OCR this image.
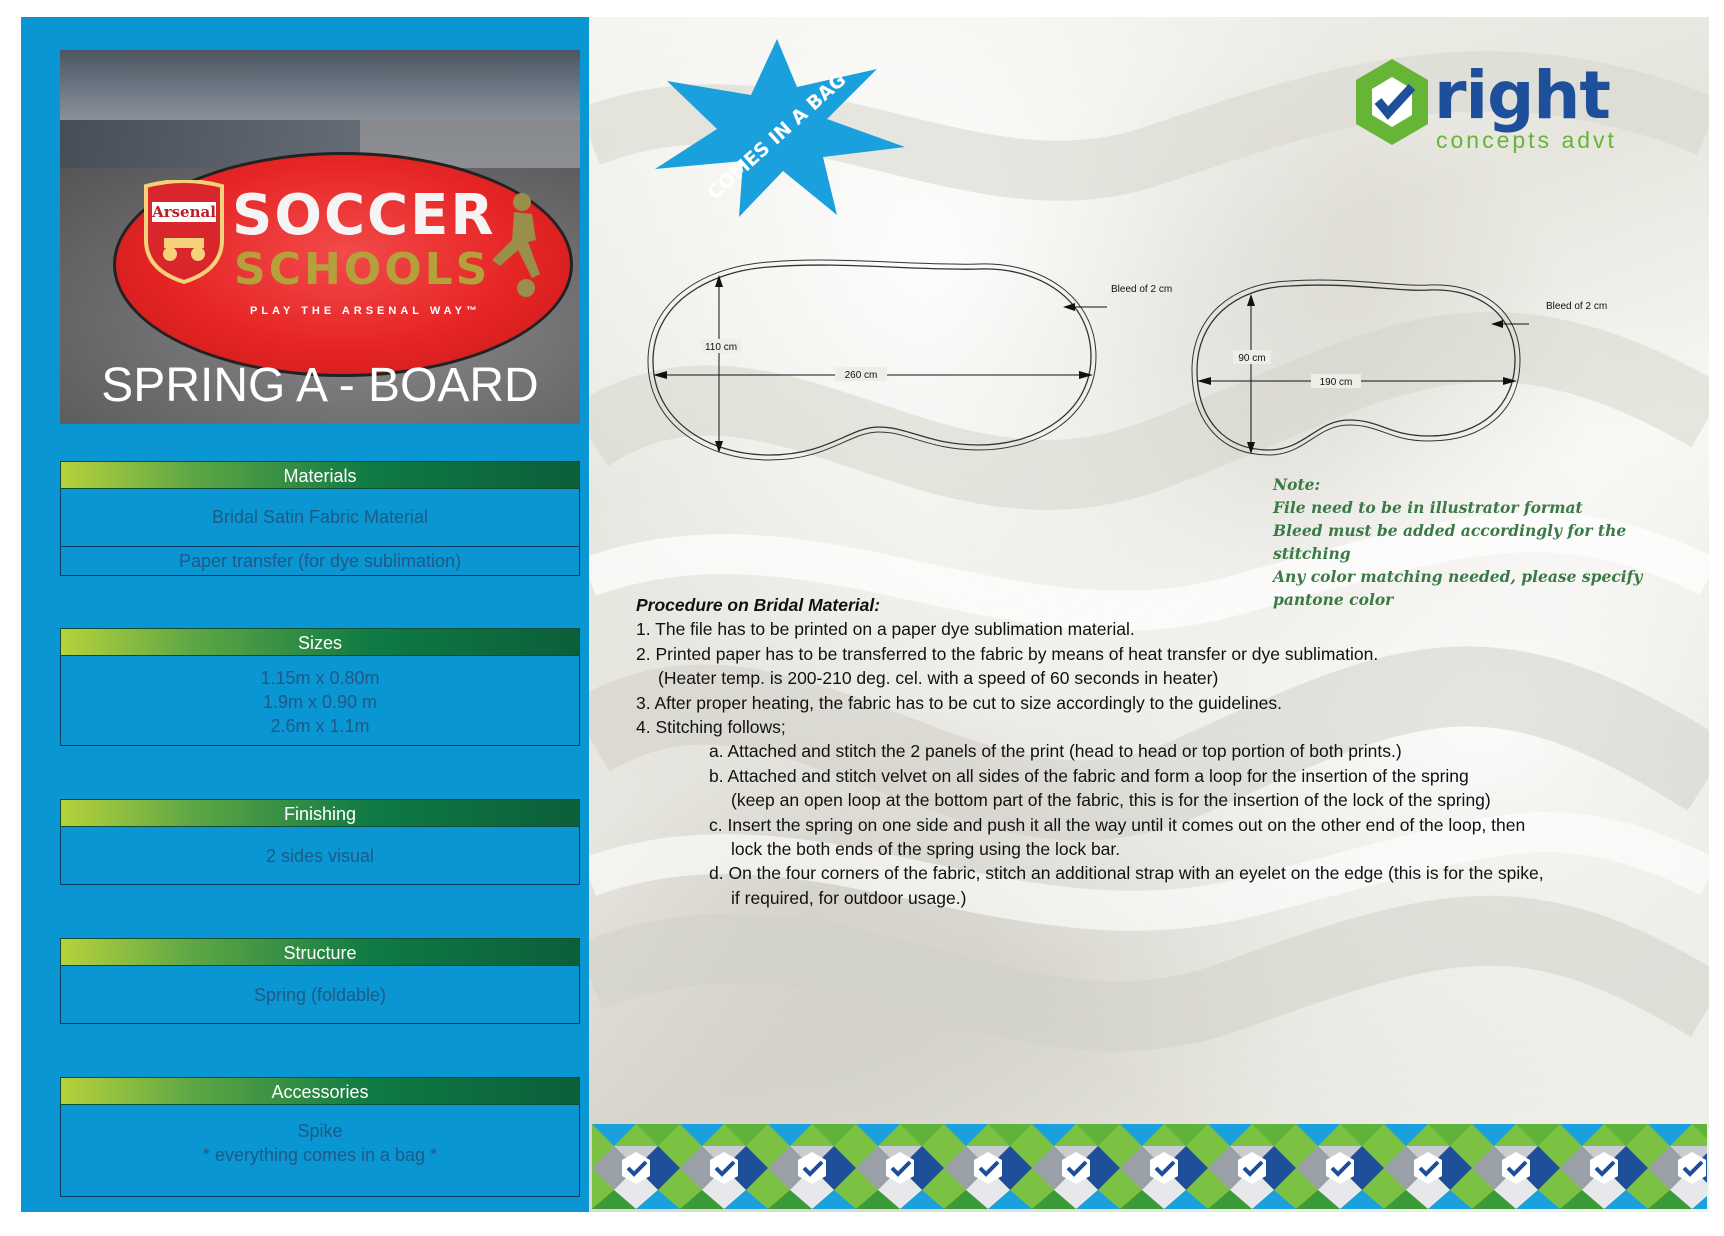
Arsenal SOCCER
SCHOOLS
PLAY THE ARSENAL WAY™
SPRING A - BOARD
Materials
Bridal Satin Fabric Material
Paper transfer (for dye sublimation)
Sizes
1.15m x 0.80m
1.9m x 0.90 m
2.6m x 1.1m
Finishing
2 sides visual
Structure
Spring (foldable)
Accessories
Spike
* everything comes in a bag *
COMES IN A BAG	right
concepts advt
260 cm
110 cm
Bleed of 2 cm
190 cm
90 cm
Bleed of 2 cm
Note:
File need to be in illustrator format
Bleed must be added accordingly for the stitching
Any color matching needed, please specify pantone color
Procedure on Bridal Material:
1. The file has to be printed on a paper dye sublimation material.
2. Printed paper has to be transferred to the fabric by means of heat transfer or dye sublimation.
(Heater temp. is 200-210 deg. cel. with a speed of 60 seconds in heater)
3. After proper heating, the fabric has to be cut to size accordingly to the guidelines.
4. Stitching follows;
a. Attached and stitch the 2 panels of the print (head to head or top portion of both prints.)
b. Attached and stitch velvet on all sides of the fabric and form a loop for the insertion of the spring
(keep an open loop at the bottom part of the fabric, this is for the insertion of the lock of the spring)
c. Insert the spring on one side and push it all the way until it comes out on the other end of the loop, then
lock the both ends of the spring using the lock bar.
d. On the four corners of the fabric, stitch an additional strap with an eyelet on the edge (this is for the spike,
if required, for outdoor usage.)
